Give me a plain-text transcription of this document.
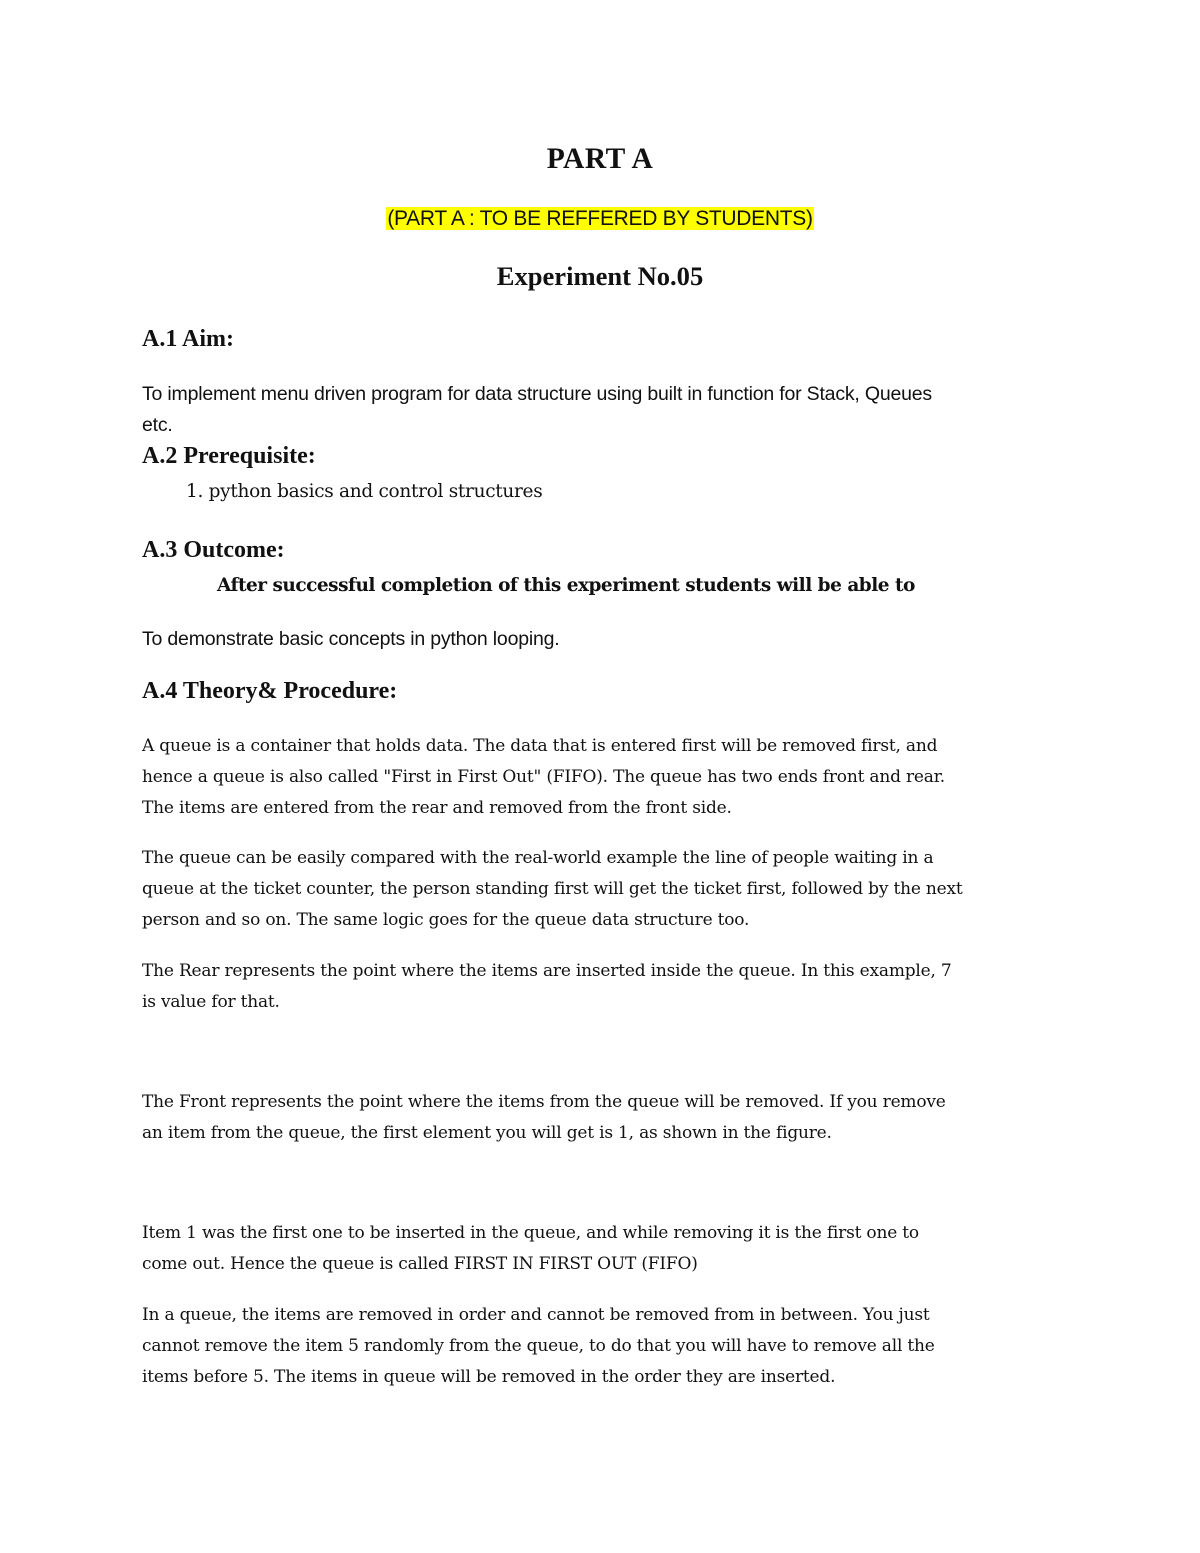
PART A
(PART A : TO BE REFFERED BY STUDENTS)
Experiment No.05
A.1 Aim:

To implement menu driven program for data structure using built in function for Stack, Queues

etc.

A.2 Prerequisite:

1. python basics and control structures

A.3 Outcome:

After successful completion of this experiment students will be able to

To demonstrate basic concepts in python looping.

A.4 Theory& Procedure:

A queue is a container that holds data. The data that is entered first will be removed first, and

hence a queue is also called "First in First Out" (FIFO). The queue has two ends front and rear.

The items are entered from the rear and removed from the front side.

The queue can be easily compared with the real-world example the line of people waiting in a

queue at the ticket counter, the person standing first will get the ticket first, followed by the next

person and so on. The same logic goes for the queue data structure too.

The Rear represents the point where the items are inserted inside the queue. In this example, 7

is value for that.

The Front represents the point where the items from the queue will be removed. If you remove

an item from the queue, the first element you will get is 1, as shown in the figure.

Item 1 was the first one to be inserted in the queue, and while removing it is the first one to

come out. Hence the queue is called FIRST IN FIRST OUT (FIFO)

In a queue, the items are removed in order and cannot be removed from in between. You just

cannot remove the item 5 randomly from the queue, to do that you will have to remove all the

items before 5. The items in queue will be removed in the order they are inserted.
